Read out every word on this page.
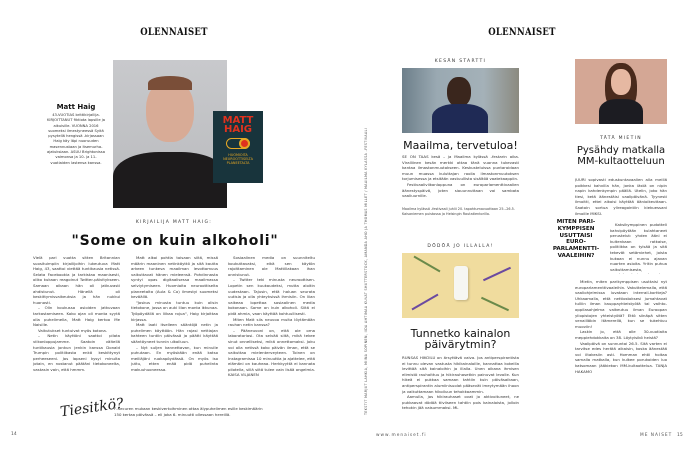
OLENNAISET
Matt Haig
43-VUOTIAS brittikirjailija. KIRJOITTANUT fiktiota lapsille ja aikuisille. VUONNA 2016 suomeksi ilmestyneessä Syitä pysytellä hengissä -kirjassaan Haig käy läpi nuoruuden masennustaan ja itsemurha-ajatuksiaan. ASUU Brightonissa vaimonsa ja 10- ja 11-vuotiaiden lastensa kanssa.
MATT HAIG
HUOMIOITA NEUROOTTISELTA PLANEETALTA
KIRJAILIJA MATT HAIG:
"Some on kuin alkoholi"

Vielä pari vuotta sitten Britannian suosituimpiin kirjailijoihin lukeutuva Matt Haig, 43, saattoi viettää tuntikausia netissä. Selata Facebookia ja tarkistaa maanisesti, oliko kukaan reagoinut Twitter-päivitykseen. Samaan aikaan hän oli jatkuvasti ahdistunut. Hänellä oli keskittymisvaikeuksia ja hän nukkui huonosti.

– Olin koukussa asioiden jatkuvaan tarkastamiseen. Koko ajan oli monta syytä olla puhelimella, Matt Haig kertoo Me Naisille.

Vaikutukset tuntuivat myös kotona.

– Netin käyttöni saattoi pilata viikonloppujamme. Saatoin väitellä tuntikausia jonkun jenkin kanssa Donald Trumpin politiikasta enkä keskittynyt perheeseeni. Jos lapseni kysyi minulta jotain, en nostanut päätäni tietokoneelta, vastasin vain, että hmmm.

Matt alkoi pohtia toisaan siitä, missä määrin maaninen netinkäyttö ja sitä kautta arkeen tunkeva maailman levottomuus vaikuttavat hänen mieleensä. Pohdinnasta syntyi opas digitaalisessa maailmassa selviytymiseen. Huomioita neuroottiselta planeetalta (Aula & Co) ilmestyi suomeksi keväällä.

"Joskus minusta tuntuu kuin olisin tietokone, jossa on auki liian monta ikkunaa. Työpöydällä on liikaa rojua", Haig kirjoittaa kirjassa.

Matt laati itselleen sääntöjä netin ja puhelimen käyttöön. Hän rajasi nettiajan kahteen tuntiin päivässä ja päätti käyttää sääntöyneet tunnin ulkoiluun.

– Nyt suljen kannettavan, kun minulle puhutaan. En myöskään enää katso meiliäjäni ruokapöydässä. On myös iso juttu, etten enää pidä puhelinta makuuhuoneessa.

Sosiaalinen media on suunniteltu koukuttavaksi, eikä sen käytön rajoittaminen ole Mattillakaan ihan onnistunut.

– Twitter teki minusta neuroottisen. Lopetin sen kuukaudeksi, mutta aloitin uudestaan. Tajusin, että haluan seurata uutisia ja olla yhteyksissä ihmisiin. On liian vaikeaa lopettaa sosiaalinen media kokonaan. Some on kuin alkoholi. Siitä ei pidä ahmia, vaan käyttää kohtuullisesti.

Miten Matt siis neuvoo muita löytämään rauhan netin kanssa?

– Pääneuvoni on, että ole oma laboratoriosi. Ota selvää siitä, mikä tekee sinut onnelliseksi, mikä onnettomaksi. Joku voi olla netissä koko päivän ilman, että se vaikuttaa mielenterveyteen. Toinen on Instagramissa 10 minuuttia ja ajattelee, että elämäni on kauheaa. Herkkyyttä ei kannata pilotella, sillä siitä tulee vain lisää ongelmia. KAISA VILJANEN

Tiesitkö?
F-Securen mukaan keskivertoihminen ottaa älypuhelimen esille keskimäärin 150 kertaa päivässä – eli joka 6. minuutti ollessaan hereillä.
14
TEKSTIT MARJUT LAHKIA, MIINA SOPINEN, IIDA AHTIMAA KUVAT SHUTTERSTOCK, AMANDA AHO JA THOMAS MILLET / MAAILMA KYLÄSSÄ -FESTIVAALI
OLENNAISET
KESÄN STARTTI
Maailma, tervetuloa!

SE ON TAAS kesä – ja Maailma kylässä -festarin aika. Viralliinen kesän merkki ottaa tänä vuonna tukevasti kantaa ilmastonmuutokseen. Keskusteluissa puntaroidaan muun muassa kuluttajan roolia ilmastonmuutoksen torjumisessa ja etsitään vastuullista sisältöä vaatekaappiin.

Festivaaliviikonloppuna on europarlamenttivaalien äänestyspäivä, joten siouunnuttaan voi sambata vaaliuurnille.

Maailma kylässä -festivaali juhlii 20. tapahtumavuottaan 25.–26.5. Kaisaniemen puistossa ja Helsingin Rautatientorilla.
DÖDÖÄ JO ILLALLA!
Tunnetko kainalon päivärytmin?

RUNSAS HIKOILU on ärsyttävä vaiva. Jos antiperspirantista ei tunnu olevan vastusta hikikainaloille, kannattaa kokeilla levittää sitä kainaloihin jo illalla. Unen aikana ihmisen elimistö rauhoittuu ja hikirauhasetkin painuvat levolle. Kun hikeä ei pukkaa samaan tahtiin kuin päiväsaikaan, antiperspirantin alumiinisuolat pääsevät imeytymään ihoon ja vaikuttamaan hikoiluun tehokkaammin.

Aamulla, jos hikirauhaset ovat jo aktivoituneet, ne pukkaavat dödöä tiiviiseen tahtiin pois kainaloista, jolloin tehokin jää vaisummaksi. ML

TÄTÄ MIETIN
Pysähdy matkalla MM-kultaotteluun
MITEN PARI-KYMPPISEN USUTTAISI EURO-PARLAMENTTI-VAALEIHIN?

JUURI sopivasti eduskuntavaalien alla meillä poikkesi kahvilla hän, jonka iästä on nipin napin kahdenkympin päällä. Utelin, joko hän tiesi, ketä äänestäisi vaalipäivänä. Tyynesti ilmoitti, ettei aikoisi käyttää äänioikeuttaan. Saatoin sortua ylireagointiin kiekuessani ilmoille MIKSI.

Kaksikymppinen pudotteli kahvipöytään kulahtaneet perustelut: yhden ääni ei kuitenkaan ratkaise, politiikka on tylsää ja sitä tekevät setämiehet, joista kukaan ei nunnu ajavan nuorten asioita. Yritin puhua vaikuttamisesta,

Mietin, miten parikymppisen usuttaisi nyt europarlamenttivaaleihin. Vakuttelemalla, että vaaliohjelmissa luvataan interrail-kortteja? Uhkaamalla, että nettiostoksesi jumahtavat tulliin ilman kauppayhteistyötä tai vaihto-oppilasohjelma vaikeutuu ilman Euroopan yliopistojen yhteistyötä? Ettö siinäpä sitten venailläbin Itämerellä, kun se tukehtuu muoviin!

Laskin jo, että alle 30-vuotiaita meppiehdokkaita on 38. Löytyisikö heistä?

Vaalipäivä on sunnuntai 26.5. Sitä varten ei tarvitse edes herätä aikaisin, koska äänestää voi iltakesiin asti. Homman ehtii hoitaa samalla matkalla, kun kulkee porukoiden luo katsomaan jääkiekon MM-kultaottelua. TANJA HAKAMO

www.menaiset.fi	ME NAISET 15
